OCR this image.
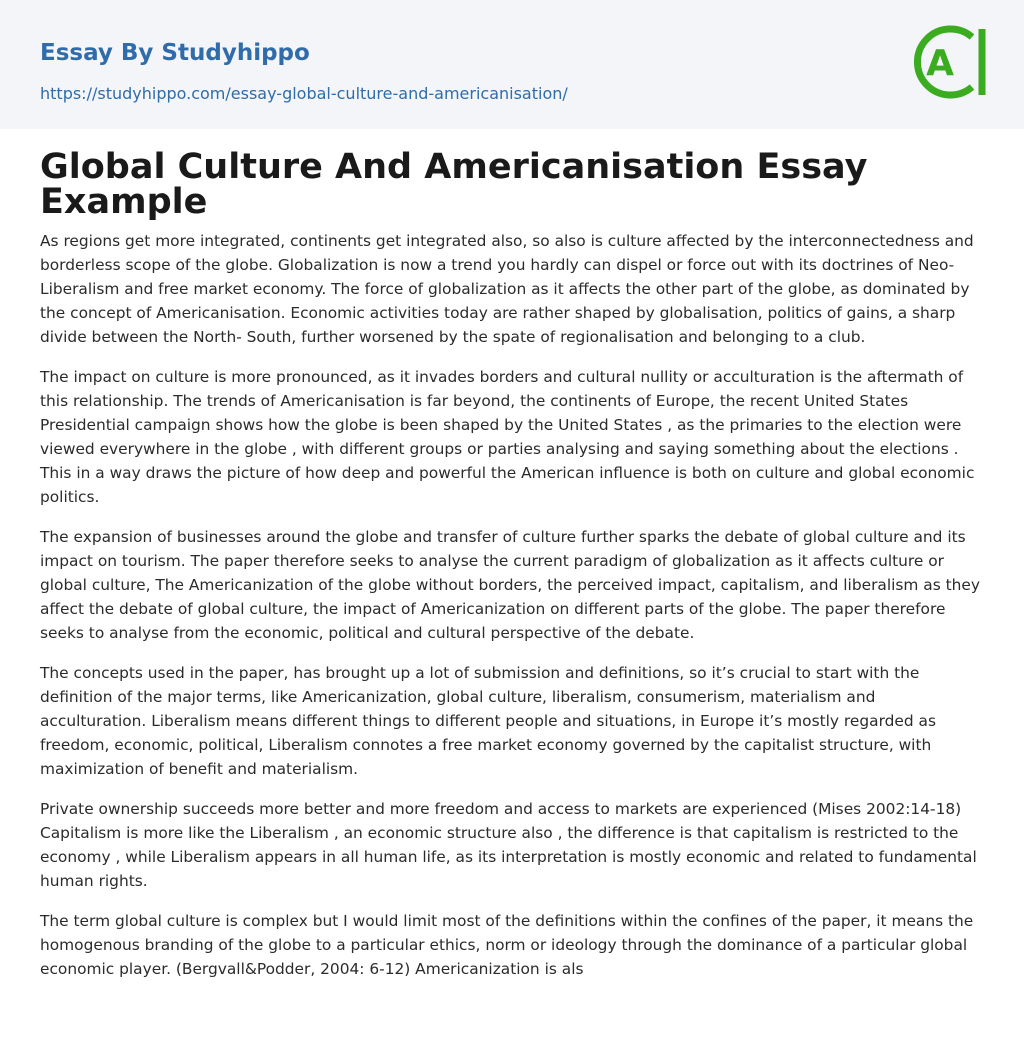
Essay By Studyhippo
https://studyhippo.com/essay-global-culture-and-americanisation/
A
Global Culture And Americanisation Essay Example

As regions get more integrated, continents get integrated also, so also is culture affected by the interconnectedness and borderless scope of the globe. Globalization is now a trend you hardly can dispel or force out with its doctrines of Neo-Liberalism and free market economy. The force of globalization as it affects the other part of the globe, as dominated by the concept of Americanisation. Economic activities today are rather shaped by globalisation, politics of gains, a sharp divide between the North- South, further worsened by the spate of regionalisation and belonging to a club.

The impact on culture is more pronounced, as it invades borders and cultural nullity or acculturation is the aftermath of this relationship. The trends of Americanisation is far beyond, the continents of Europe, the recent United States Presidential campaign shows how the globe is been shaped by the United States , as the primaries to the election were viewed everywhere in the globe , with different groups or parties analysing and saying something about the elections . This in a way draws the picture of how deep and powerful the American influence is both on culture and global economic politics.

The expansion of businesses around the globe and transfer of culture further sparks the debate of global culture and its impact on tourism. The paper therefore seeks to analyse the current paradigm of globalization as it affects culture or global culture, The Americanization of the globe without borders, the perceived impact, capitalism, and liberalism as they affect the debate of global culture, the impact of Americanization on different parts of the globe. The paper therefore seeks to analyse from the economic, political and cultural perspective of the debate.

The concepts used in the paper, has brought up a lot of submission and definitions, so it’s crucial to start with the definition of the major terms, like Americanization, global culture, liberalism, consumerism, materialism and acculturation. Liberalism means different things to different people and situations, in Europe it’s mostly regarded as freedom, economic, political, Liberalism connotes a free market economy governed by the capitalist structure, with maximization of benefit and materialism.

Private ownership succeeds more better and more freedom and access to markets are experienced (Mises 2002:14-18) Capitalism is more like the Liberalism , an economic structure also , the difference is that capitalism is restricted to the economy , while Liberalism appears in all human life, as its interpretation is mostly economic and related to fundamental human rights.

The term global culture is complex but I would limit most of the definitions within the confines of the paper, it means the homogenous branding of the globe to a particular ethics, norm or ideology through the dominance of a particular global economic player. (Bergvall&Podder, 2004: 6-12) Americanization is als
